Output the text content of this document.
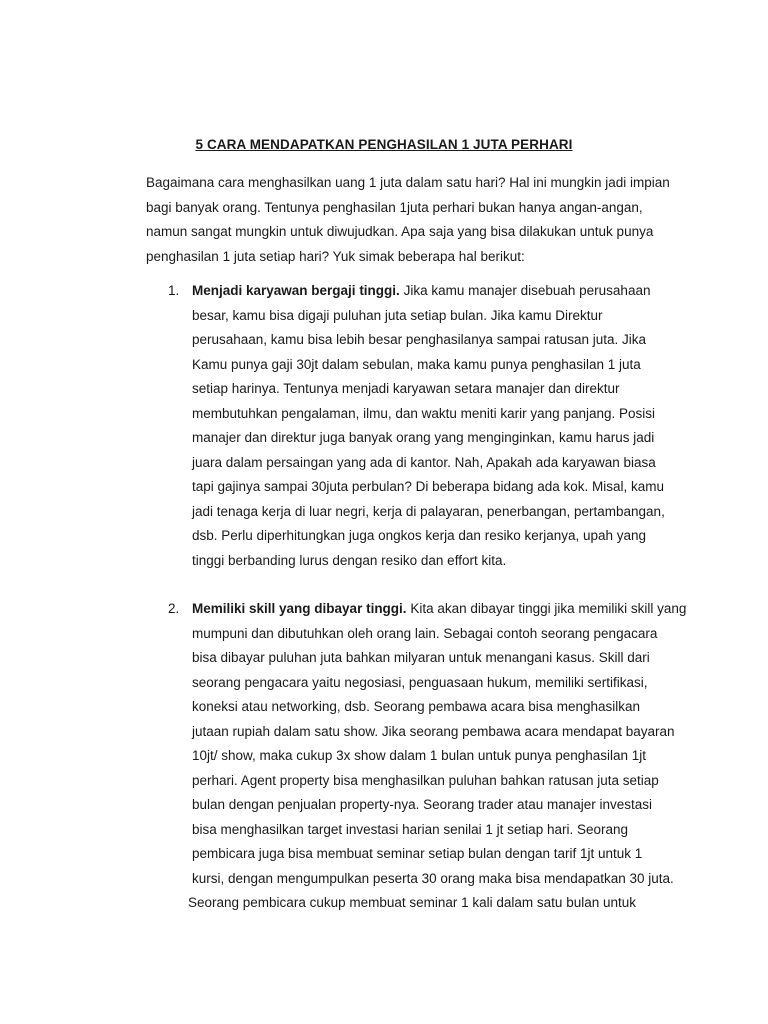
5 CARA MENDAPATKAN PENGHASILAN 1 JUTA PERHARI

Bagaimana cara menghasilkan uang 1 juta dalam satu hari? Hal ini mungkin jadi impian
bagi banyak orang. Tentunya penghasilan 1juta perhari bukan hanya angan-angan,
namun sangat mungkin untuk diwujudkan. Apa saja yang bisa dilakukan untuk punya
penghasilan 1 juta setiap hari? Yuk simak beberapa hal berikut:

1. Menjadi karyawan bergaji tinggi. Jika kamu manajer disebuah perusahaan
besar, kamu bisa digaji puluhan juta setiap bulan. Jika kamu Direktur
perusahaan, kamu bisa lebih besar penghasilanya sampai ratusan juta. Jika
Kamu punya gaji 30jt dalam sebulan, maka kamu punya penghasilan 1 juta
setiap harinya. Tentunya menjadi karyawan setara manajer dan direktur
membutuhkan pengalaman, ilmu, dan waktu meniti karir yang panjang. Posisi
manajer dan direktur juga banyak orang yang menginginkan, kamu harus jadi
juara dalam persaingan yang ada di kantor. Nah, Apakah ada karyawan biasa
tapi gajinya sampai 30juta perbulan? Di beberapa bidang ada kok. Misal, kamu
jadi tenaga kerja di luar negri, kerja di palayaran, penerbangan, pertambangan,
dsb. Perlu diperhitungkan juga ongkos kerja dan resiko kerjanya, upah yang
tinggi berbanding lurus dengan resiko dan effort kita.
2. Memiliki skill yang dibayar tinggi. Kita akan dibayar tinggi jika memiliki skill yang
mumpuni dan dibutuhkan oleh orang lain. Sebagai contoh seorang pengacara
bisa dibayar puluhan juta bahkan milyaran untuk menangani kasus. Skill dari
seorang pengacara yaitu negosiasi, penguasaan hukum, memiliki sertifikasi,
koneksi atau networking, dsb. Seorang pembawa acara bisa menghasilkan
jutaan rupiah dalam satu show. Jika seorang pembawa acara mendapat bayaran
10jt/ show, maka cukup 3x show dalam 1 bulan untuk punya penghasilan 1jt
perhari. Agent property bisa menghasilkan puluhan bahkan ratusan juta setiap
bulan dengan penjualan property-nya. Seorang trader atau manajer investasi
bisa menghasilkan target investasi harian senilai 1 jt setiap hari. Seorang
pembicara juga bisa membuat seminar setiap bulan dengan tarif 1jt untuk 1
kursi, dengan mengumpulkan peserta 30 orang maka bisa mendapatkan 30 juta.
Seorang pembicara cukup membuat seminar 1 kali dalam satu bulan untuk
